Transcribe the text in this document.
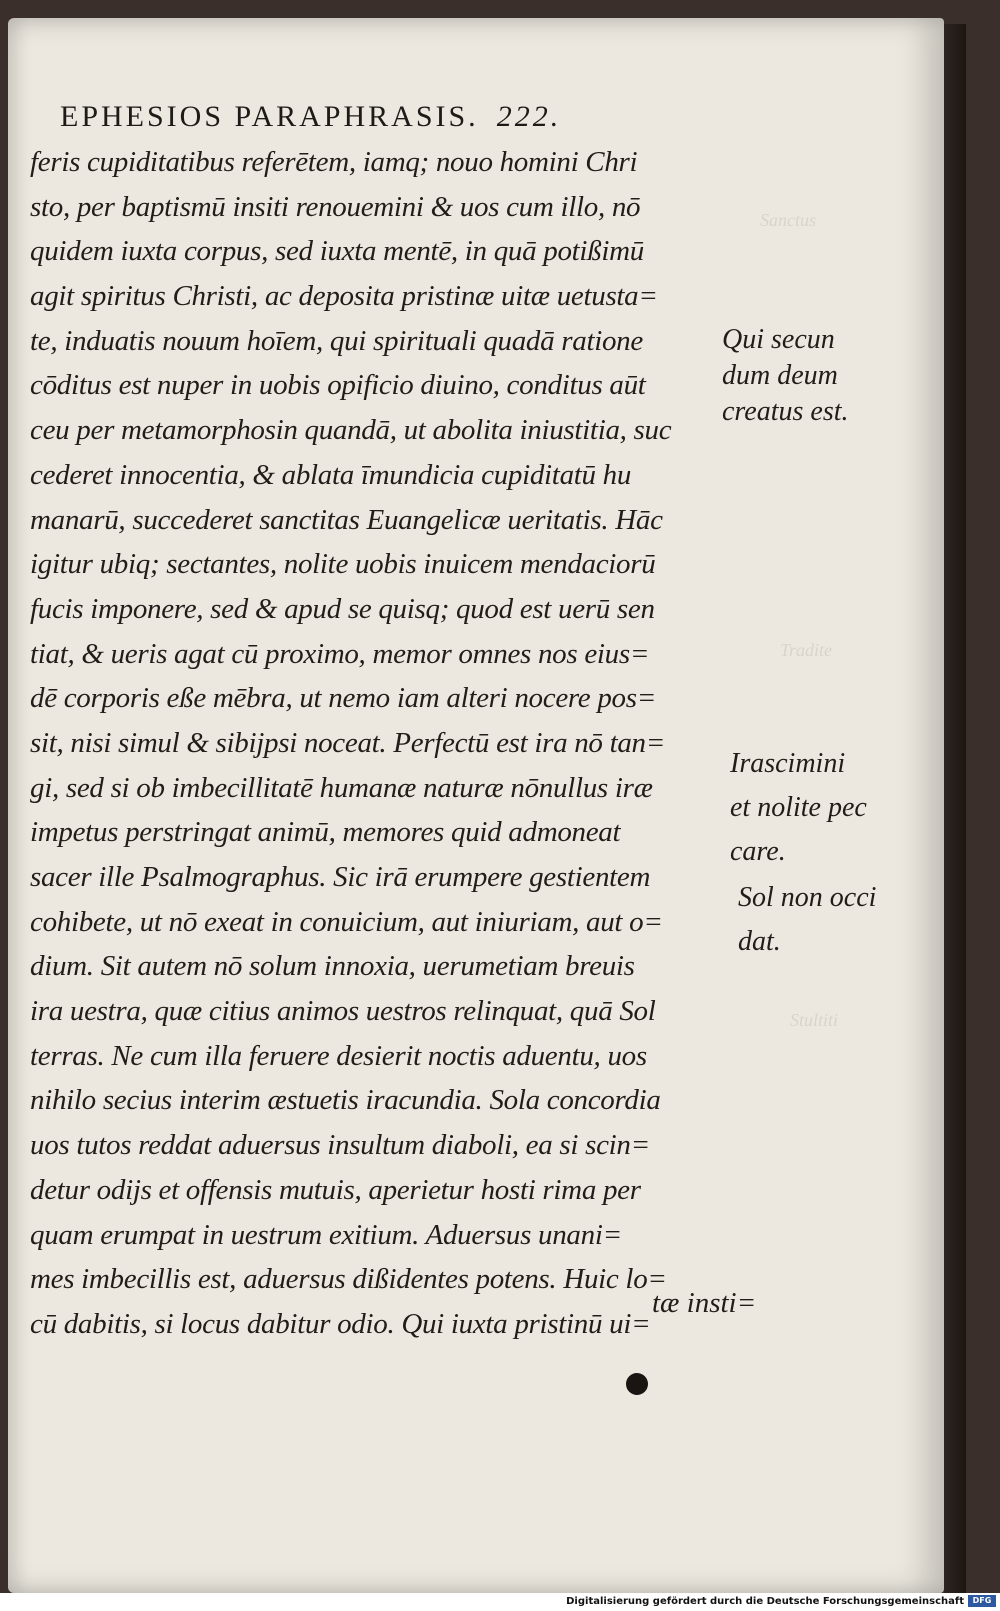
Sanctus
Tradite
Stultiti
EPHESIOS PARAPHRASIS. 222.
feris cupiditatibus referētem, iamq; nouo homini Chri
sto, per baptismū insiti renouemini & uos cum illo, nō
quidem iuxta corpus, sed iuxta mentē, in quā potißimū
agit spiritus Christi, ac deposita pristinæ uitæ uetusta=
te, induatis nouum hoīem, qui spirituali quadā ratione
cōditus est nuper in uobis opificio diuino, conditus aūt
ceu per metamorphosin quandā, ut abolita iniustitia, suc
cederet innocentia, & ablata īmundicia cupiditatū hu
manarū, succederet sanctitas Euangelicæ ueritatis. Hāc
igitur ubiq; sectantes, nolite uobis inuicem mendaciorū
fucis imponere, sed & apud se quisq; quod est uerū sen
tiat, & ueris agat cū proximo, memor omnes nos eius=
dē corporis eße mēbra, ut nemo iam alteri nocere pos=
sit, nisi simul & sibijpsi noceat. Perfectū est ira nō tan=
gi, sed si ob imbecillitatē humanæ naturæ nōnullus iræ
impetus perstringat animū, memores quid admoneat
sacer ille Psalmographus. Sic irā erumpere gestientem
cohibete, ut nō exeat in conuicium, aut iniuriam, aut o=
dium. Sit autem nō solum innoxia, uerumetiam breuis
ira uestra, quæ citius animos uestros relinquat, quā Sol
terras. Ne cum illa feruere desierit noctis aduentu, uos
nihilo secius interim æstuetis iracundia. Sola concordia
uos tutos reddat aduersus insultum diaboli, ea si scin=
detur odijs et offensis mutuis, aperietur hosti rima per
quam erumpat in uestrum exitium. Aduersus unani=
mes imbecillis est, aduersus dißidentes potens. Huic lo=
cū dabitis, si locus dabitur odio. Qui iuxta pristinū ui=
tæ insti=
Qui secun
dum deum
creatus est.
Irascimini
et nolite pec
care.
Sol non occi
dat.
Digitalisierung gefördert durch die Deutsche Forschungsgemeinschaft	DFG
